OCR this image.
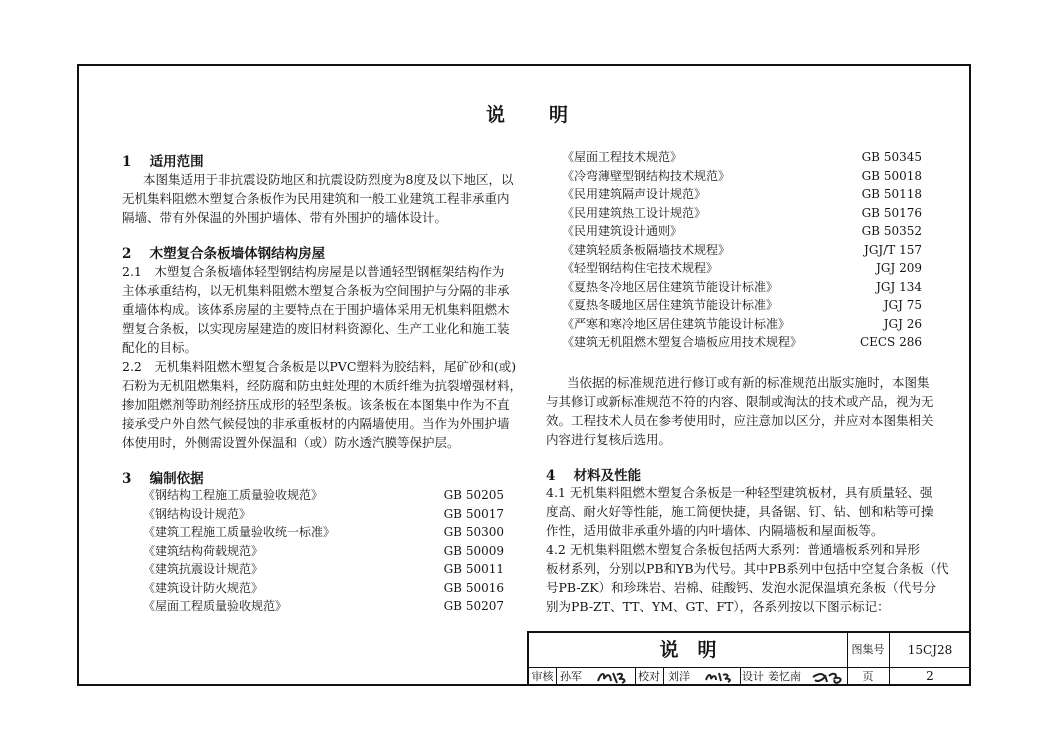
说　　明
1　 适用范围
本图集适用于非抗震设防地区和抗震设防烈度为8度及以下地区，以
无机集料阻燃木塑复合条板作为民用建筑和一般工业建筑工程非承重内
隔墙、带有外保温的外围护墙体、带有外围护的墙体设计。
2　 木塑复合条板墙体钢结构房屋
2.1　木塑复合条板墙体轻型钢结构房屋是以普通轻型钢框架结构作为
主体承重结构，以无机集料阻燃木塑复合条板为空间围护与分隔的非承
重墙体构成。该体系房屋的主要特点在于围护墙体采用无机集料阻燃木
塑复合条板，以实现房屋建造的废旧材料资源化、生产工业化和施工装
配化的目标。
2.2　无机集料阻燃木塑复合条板是以PVC塑料为胶结料，尾矿砂和(或)
石粉为无机阻燃集料，经防腐和防虫蛀处理的木质纤维为抗裂增强材料，
掺加阻燃剂等助剂经挤压成形的轻型条板。该条板在本图集中作为不直
接承受户外自然气候侵蚀的非承重板材的内隔墙使用。当作为外围护墙
体使用时，外侧需设置外保温和（或）防水透汽膜等保护层。
3　 编制依据
《钢结构工程施工质量验收规范》	GB 50205
《钢结构设计规范》	GB 50017
《建筑工程施工质量验收统一标准》	GB 50300
《建筑结构荷载规范》	GB 50009
《建筑抗震设计规范》	GB 50011
《建筑设计防火规范》	GB 50016
《屋面工程质量验收规范》	GB 50207
《屋面工程技术规范》	GB 50345
《冷弯薄壁型钢结构技术规范》	GB 50018
《民用建筑隔声设计规范》	GB 50118
《民用建筑热工设计规范》	GB 50176
《民用建筑设计通则》	GB 50352
《建筑轻质条板隔墙技术规程》	JGJ/T 157
《轻型钢结构住宅技术规程》	JGJ 209
《夏热冬冷地区居住建筑节能设计标准》	JGJ 134
《夏热冬暖地区居住建筑节能设计标准》	JGJ 75
《严寒和寒冷地区居住建筑节能设计标准》	JGJ 26
《建筑无机阻燃木塑复合墙板应用技术规程》	CECS 286
当依据的标准规范进行修订或有新的标准规范出版实施时，本图集
与其修订或新标准规范不符的内容、限制或淘汰的技术或产品，视为无
效。工程技术人员在参考使用时，应注意加以区分，并应对本图集相关
内容进行复核后选用。
4　 材料及性能
4.1 无机集料阻燃木塑复合条板是一种轻型建筑板材，具有质量轻、强
度高、耐火好等性能，施工简便快捷，具备锯、钉、钻、刨和粘等可操
作性，适用做非承重外墙的内叶墙体、内隔墙板和屋面板等。
4.2 无机集料阻燃木塑复合条板包括两大系列：普通墙板系列和异形
板材系列，分别以PB和YB为代号。其中PB系列中包括中空复合条板（代
号PB-ZK）和珍珠岩、岩棉、硅酸钙、发泡水泥保温填充条板（代号分
别为PB-ZT、TT、YM、GT、FT），各系列按以下图示标记：
说　明	图集号	15CJ28
审核 孙军	校对 刘洋	设计 姜忆南	页	2
